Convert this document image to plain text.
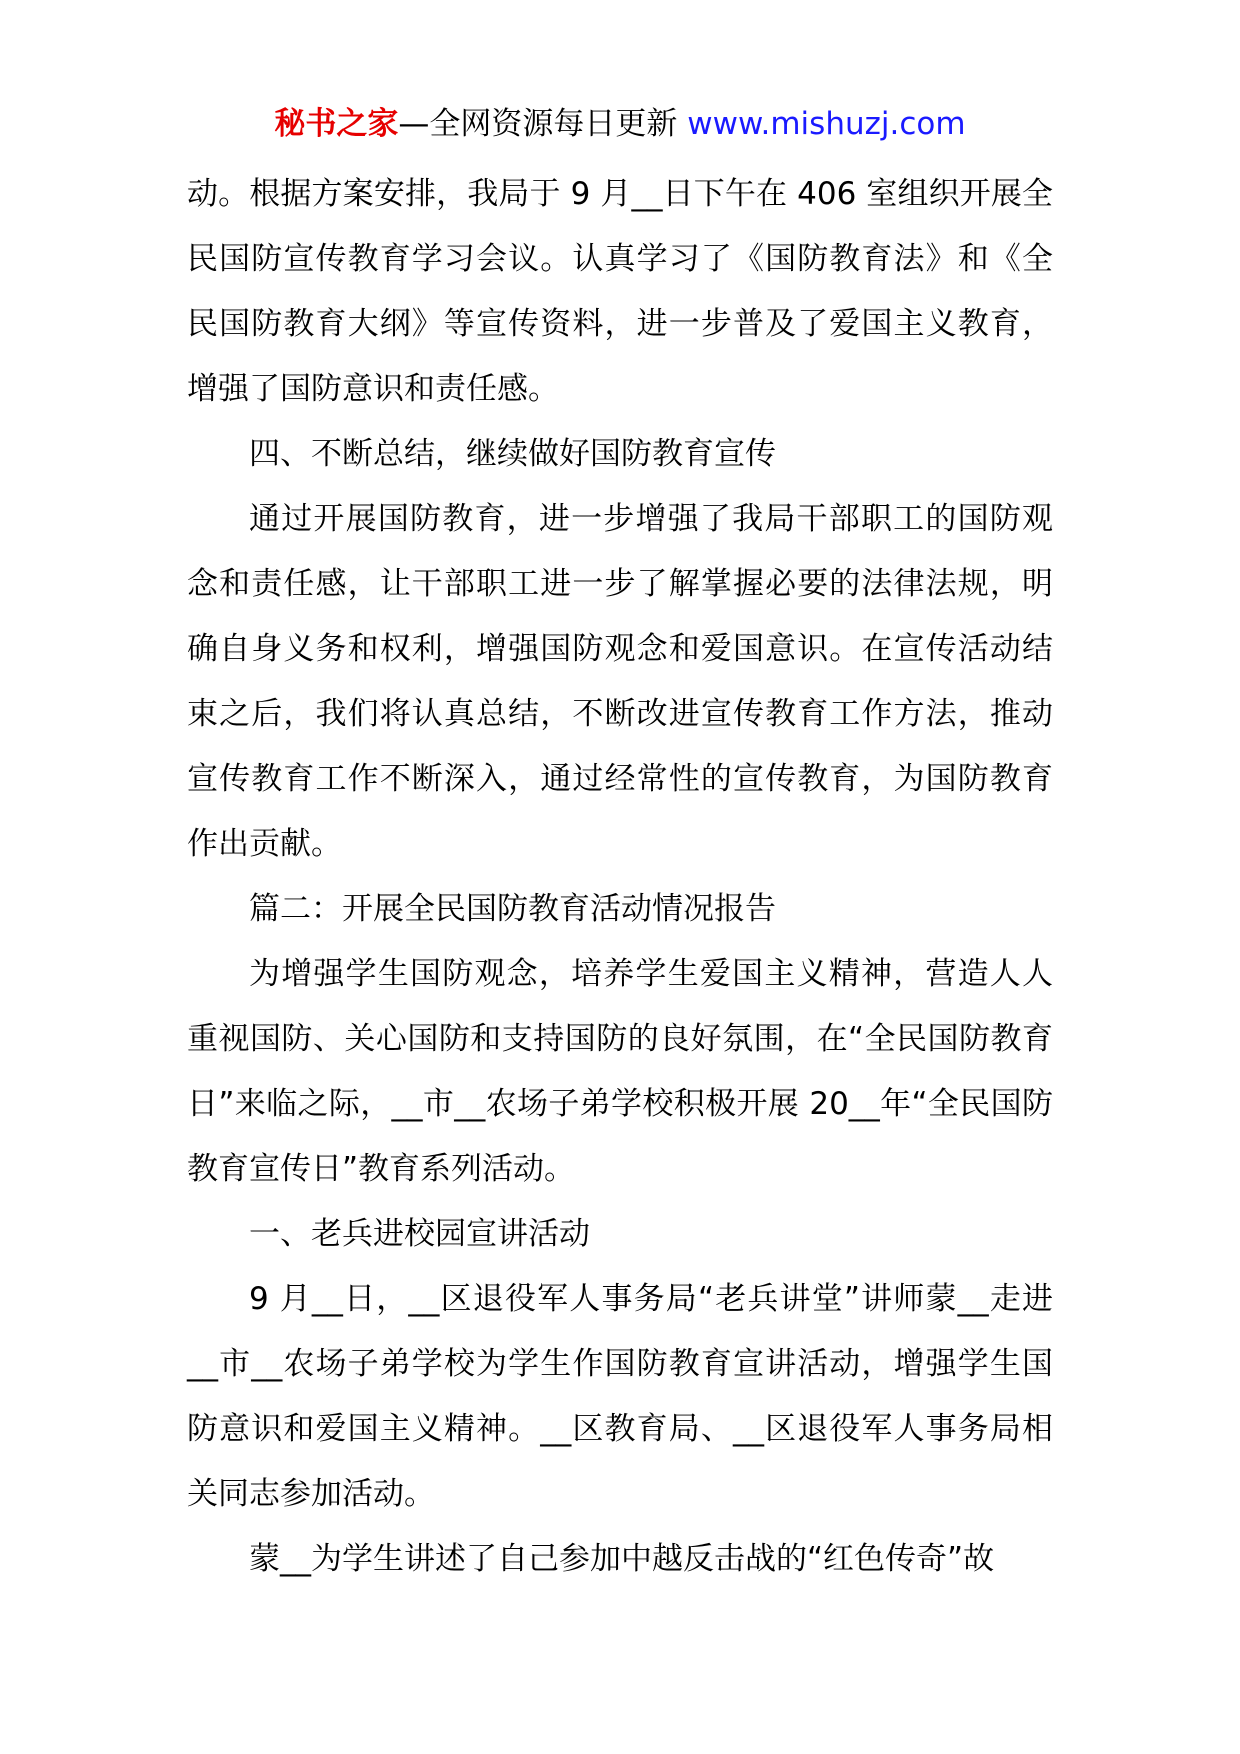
秘书之家—全网资源每日更新 www.mishuzj.com

动。根据方案安排，我局于 9 月__日下午在 406 室组织开展全民国防宣传教育学习会议。认真学习了《国防教育法》和《全民国防教育大纲》等宣传资料，进一步普及了爱国主义教育，增强了国防意识和责任感。

四、不断总结，继续做好国防教育宣传

通过开展国防教育，进一步增强了我局干部职工的国防观念和责任感，让干部职工进一步了解掌握必要的法律法规，明确自身义务和权利，增强国防观念和爱国意识。在宣传活动结束之后，我们将认真总结，不断改进宣传教育工作方法，推动宣传教育工作不断深入，通过经常性的宣传教育，为国防教育作出贡献。

篇二：开展全民国防教育活动情况报告

为增强学生国防观念，培养学生爱国主义精神，营造人人重视国防、关心国防和支持国防的良好氛围，在“全民国防教育日”来临之际，__市__农场子弟学校积极开展 20__年“全民国防教育宣传日”教育系列活动。

一、老兵进校园宣讲活动

9 月__日，__区退役军人事务局“老兵讲堂”讲师蒙__走进__市__农场子弟学校为学生作国防教育宣讲活动，增强学生国防意识和爱国主义精神。__区教育局、__区退役军人事务局相关同志参加活动。

蒙__为学生讲述了自己参加中越反击战的“红色传奇”故
